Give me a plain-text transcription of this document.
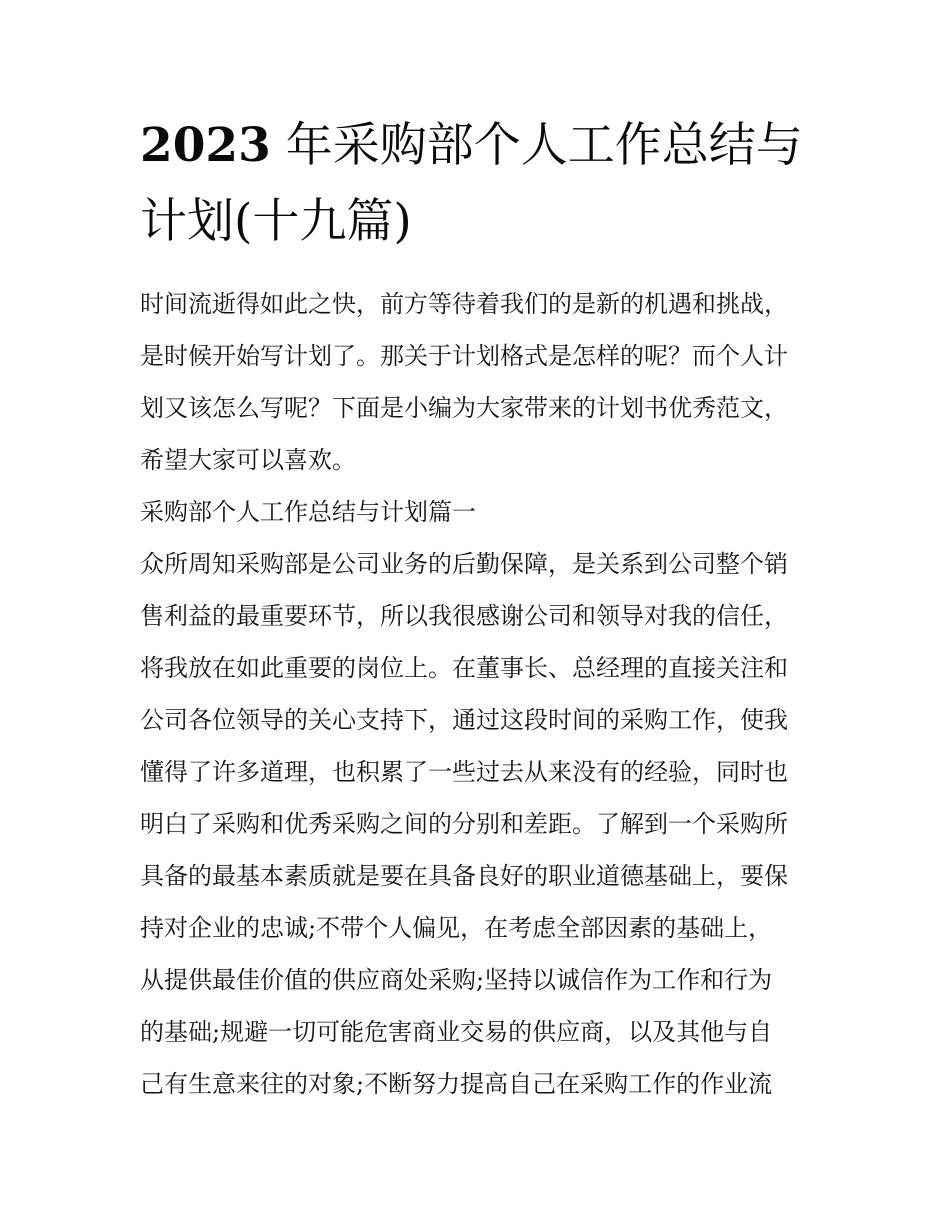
2023 年采购部个人工作总结与
计划(十九篇)

时间流逝得如此之快，前方等待着我们的是新的机遇和挑战，

是时候开始写计划了。那关于计划格式是怎样的呢？而个人计

划又该怎么写呢？下面是小编为大家带来的计划书优秀范文，

希望大家可以喜欢。

采购部个人工作总结与计划篇一

众所周知采购部是公司业务的后勤保障，是关系到公司整个销

售利益的最重要环节，所以我很感谢公司和领导对我的信任，

将我放在如此重要的岗位上。在董事长、总经理的直接关注和

公司各位领导的关心支持下，通过这段时间的采购工作，使我

懂得了许多道理，也积累了一些过去从来没有的经验，同时也

明白了采购和优秀采购之间的分别和差距。了解到一个采购所

具备的最基本素质就是要在具备良好的职业道德基础上，要保

持对企业的忠诚;不带个人偏见，在考虑全部因素的基础上，

从提供最佳价值的供应商处采购;坚持以诚信作为工作和行为

的基础;规避一切可能危害商业交易的供应商，以及其他与自

己有生意来往的对象;不断努力提高自己在采购工作的作业流
